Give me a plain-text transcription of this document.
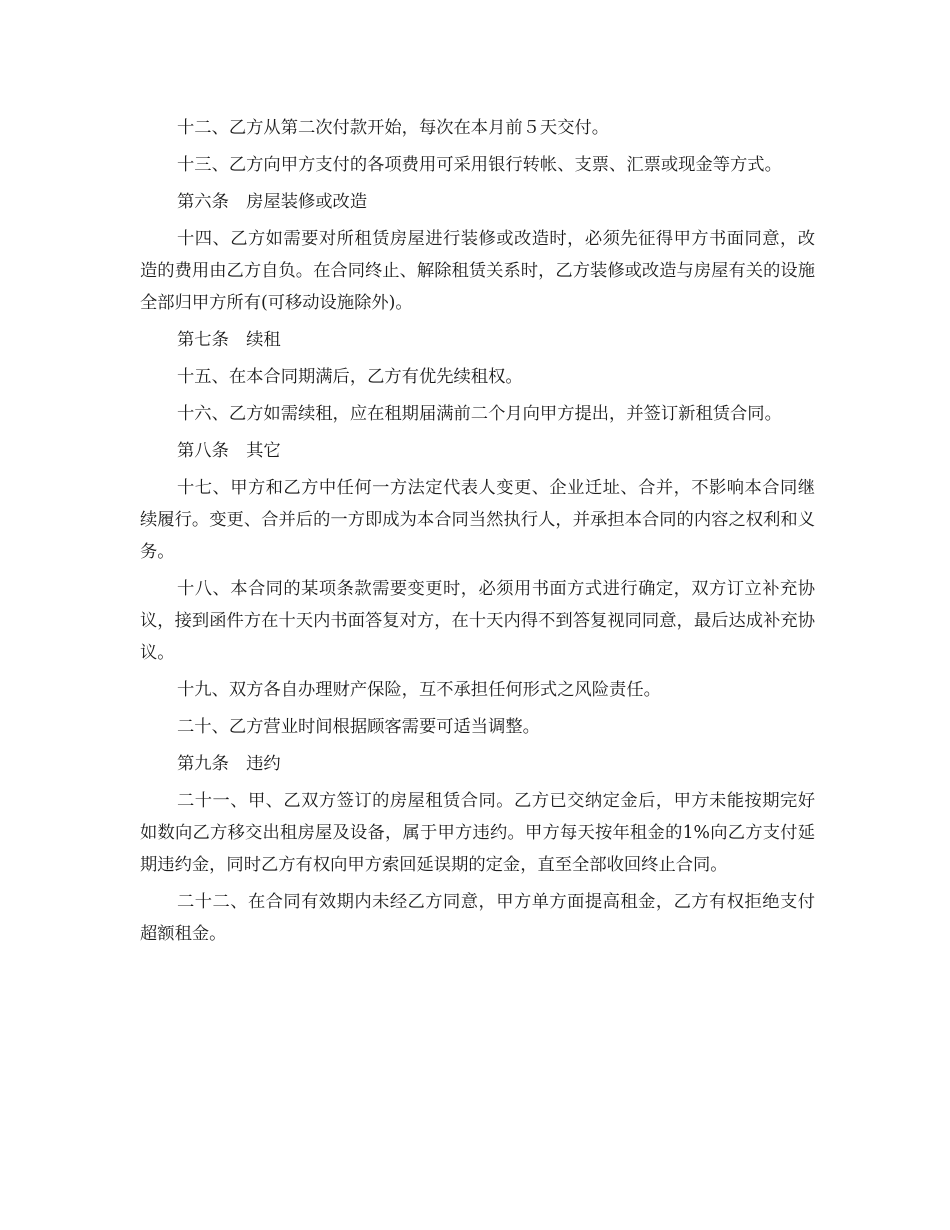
十二、乙方从第二次付款开始，每次在本月前５天交付。

十三、乙方向甲方支付的各项费用可采用银行转帐、支票、汇票或现金等方式。

第六条　房屋装修或改造

十四、乙方如需要对所租赁房屋进行装修或改造时，必须先征得甲方书面同意，改造的费用由乙方自负。在合同终止、解除租赁关系时，乙方装修或改造与房屋有关的设施全部归甲方所有(可移动设施除外)。

第七条　续租

十五、在本合同期满后，乙方有优先续租权。

十六、乙方如需续租，应在租期届满前二个月向甲方提出，并签订新租赁合同。

第八条　其它

十七、甲方和乙方中任何一方法定代表人变更、企业迁址、合并，不影响本合同继续履行。变更、合并后的一方即成为本合同当然执行人，并承担本合同的内容之权利和义务。

十八、本合同的某项条款需要变更时，必须用书面方式进行确定，双方订立补充协议，接到函件方在十天内书面答复对方，在十天内得不到答复视同同意，最后达成补充协议。

十九、双方各自办理财产保险，互不承担任何形式之风险责任。

二十、乙方营业时间根据顾客需要可适当调整。

第九条　违约

二十一、甲、乙双方签订的房屋租赁合同。乙方已交纳定金后，甲方未能按期完好如数向乙方移交出租房屋及设备，属于甲方违约。甲方每天按年租金的1%向乙方支付延期违约金，同时乙方有权向甲方索回延误期的定金，直至全部收回终止合同。

二十二、在合同有效期内未经乙方同意，甲方单方面提高租金，乙方有权拒绝支付超额租金。
